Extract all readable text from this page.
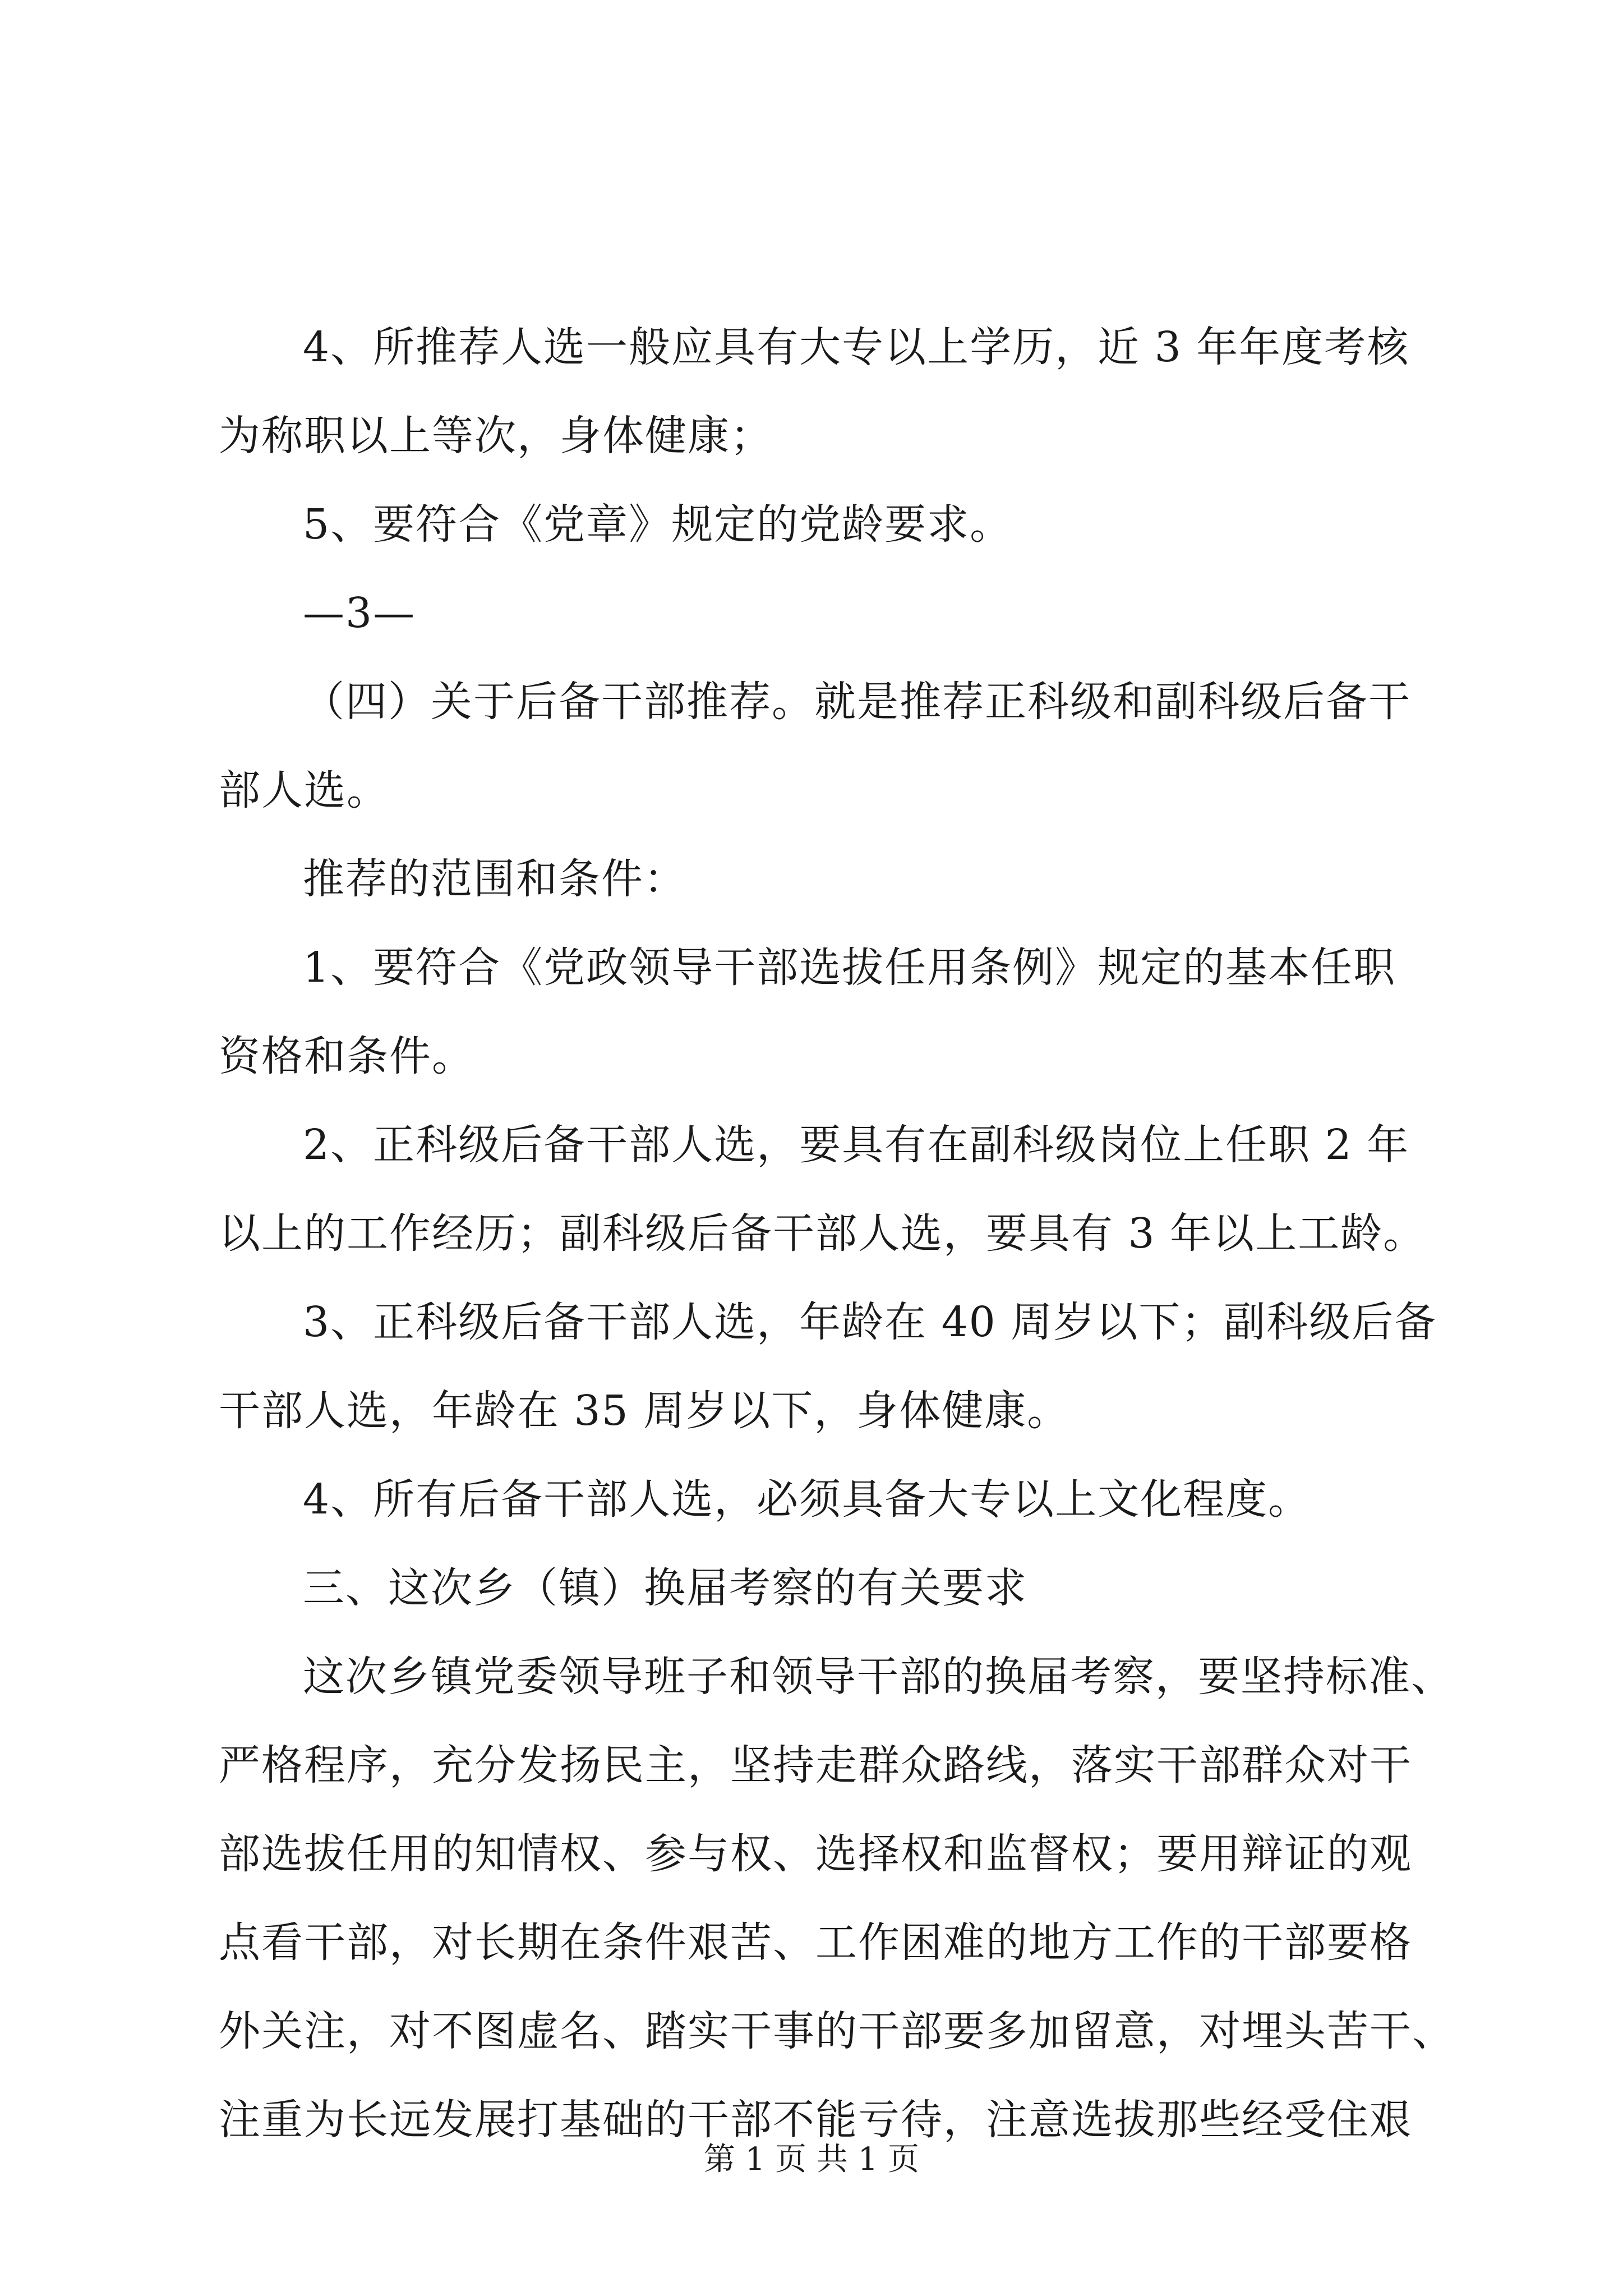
4、所推荐人选一般应具有大专以上学历，近 3 年年度考核
为称职以上等次，身体健康；
5、要符合《党章》规定的党龄要求。
—3—
（四）关于后备干部推荐。就是推荐正科级和副科级后备干
部人选。
推荐的范围和条件：
1、要符合《党政领导干部选拔任用条例》规定的基本任职
资格和条件。
2、正科级后备干部人选，要具有在副科级岗位上任职 2 年
以上的工作经历；副科级后备干部人选，要具有 3 年以上工龄。
3、正科级后备干部人选，年龄在 40 周岁以下；副科级后备
干部人选，年龄在 35 周岁以下，身体健康。
4、所有后备干部人选，必须具备大专以上文化程度。
三、这次乡（镇）换届考察的有关要求
这次乡镇党委领导班子和领导干部的换届考察，要坚持标准、
严格程序，充分发扬民主，坚持走群众路线，落实干部群众对干
部选拔任用的知情权、参与权、选择权和监督权；要用辩证的观
点看干部，对长期在条件艰苦、工作困难的地方工作的干部要格
外关注，对不图虚名、踏实干事的干部要多加留意，对埋头苦干、
注重为长远发展打基础的干部不能亏待，注意选拔那些经受住艰
第 1 页 共 1 页
